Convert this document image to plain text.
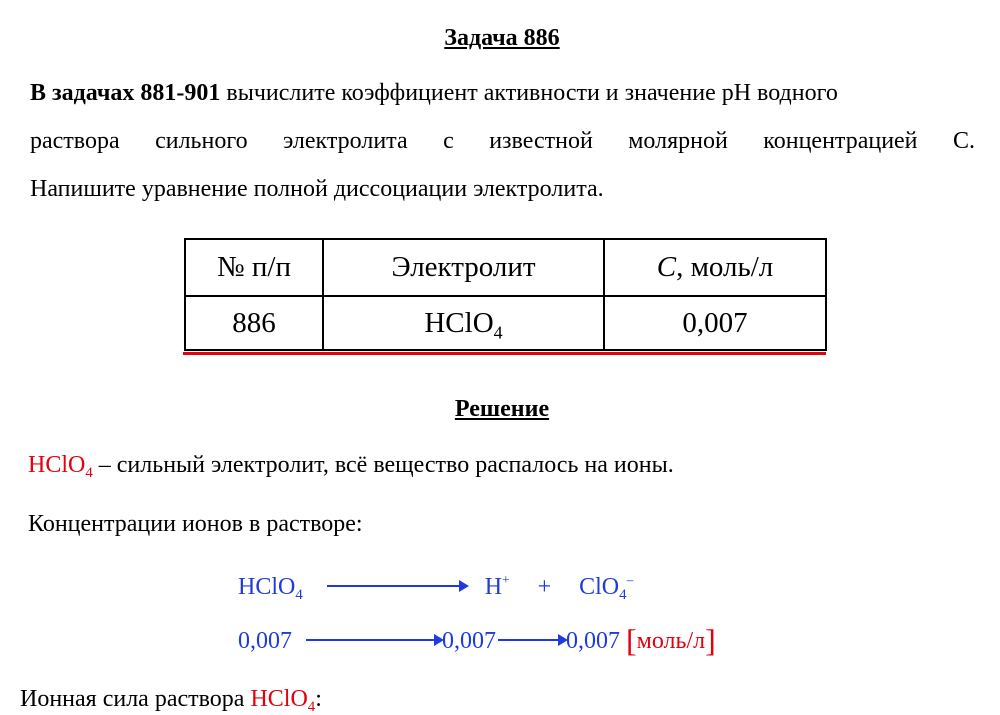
Задача 886
В задачах 881-901 вычислите коэффициент активности и значение pH водного
раствора сильного электролита с известной молярной концентрацией С.
Напишите уравнение полной диссоциации электролита.
№ п/п	Электролит	C, моль/л
886	HClO$_4$	0,007
Решение
HClO$_4$ – сильный электролит, всё вещество распалось на ионы.
Концентрации ионов в растворе:
HClO$_4$	H+ + ClO$_4$–
0,007	0,007	0,007 [моль/л]
Ионная сила раствора HClO$_4$:
